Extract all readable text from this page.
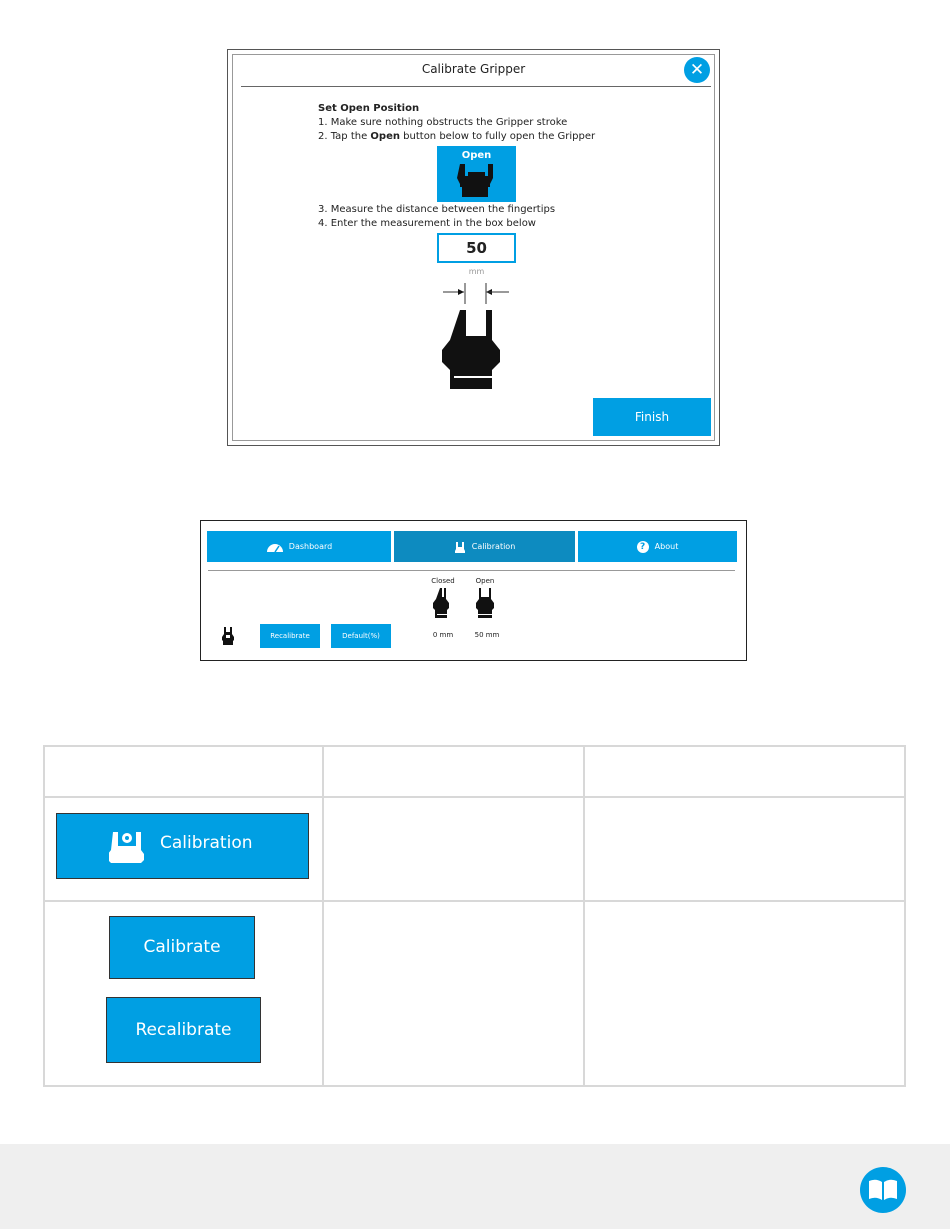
Calibrate Gripper	✕
Set Open Position
1. Make sure nothing obstructs the Gripper stroke
2. Tap the Open button below to fully open the Gripper
Open
3. Measure the distance between the fingertips
4. Enter the measurement in the box below
50
mm
Finish
Dashboard	Calibration	? About
Closed	Open
Recalibrate	Default(%)	0 mm	50 mm
Calibration
Calibrate
Recalibrate
